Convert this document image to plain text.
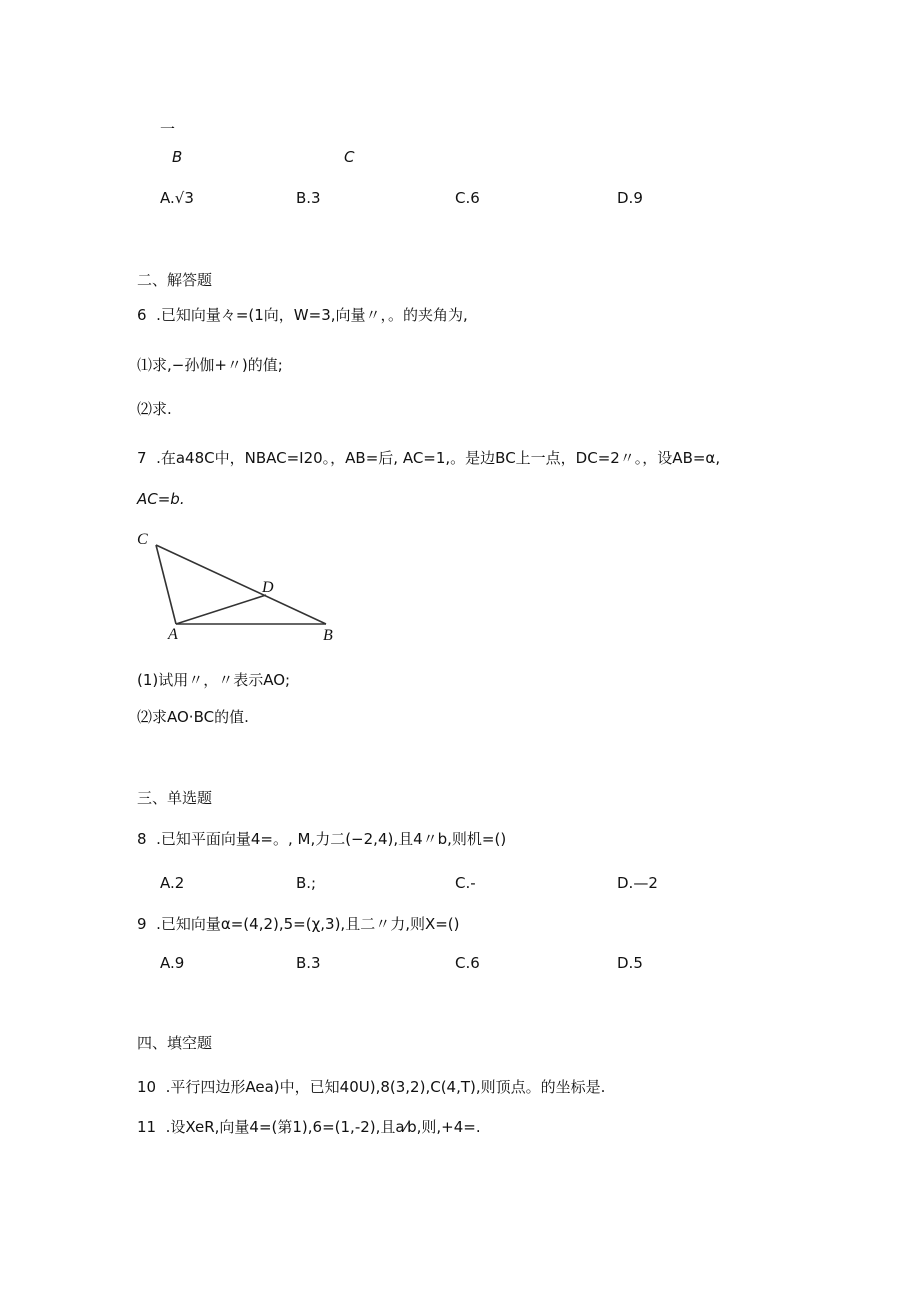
一
B	C
A.√3	B.3	C.6	D.9
二、解答题
6  .已知向量々=(1向，W=3,向量〃，。的夹角为,
⑴求,−孙伽+〃)的值;
⑵求.
7  .在a48C中，NBAC=I20。，AB=后, AC=1,。是边BC上一点，DC=2〃。，设AB=α,
AC=b.
C
D
A	B
(1)试用〃，〃表示AO;
⑵求AO·BC的值.
三、单选题
8  .已知平面向量4=。, M,力二(−2,4),且4〃b,则机=()
A.2	B.;	C.-	D.—2
9  .已知向量α=(4,2),5=(χ,3),且二〃力,则X=()
A.9	B.3	C.6	D.5
四、填空题
10  .平行四边形Aea)中，已知40U),8(3,2),C(4,T),则顶点。的坐标是.
11  .设XeR,向量4=(第1),6=(1,-2),且a⁄b,则,+4=.
